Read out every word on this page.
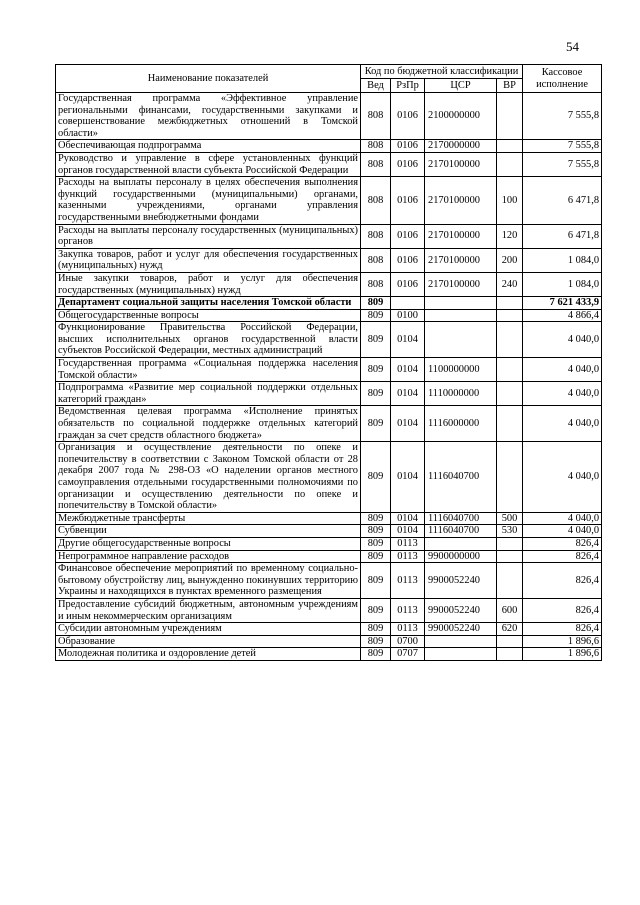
54
Наименование показателей	Код по бюджетной классификации				Кассовое исполнение
	Вед	РзПр	ЦСР	ВР	
Государственная программа «Эффективное управление региональными финансами, государственными закупками и совершенствование межбюджетных отношений в Томской области»	808	0106	2100000000		7 555,8
Обеспечивающая подпрограмма	808	0106	2170000000		7 555,8
Руководство и управление в сфере установленных функций органов государственной власти субъекта Российской Федерации	808	0106	2170100000		7 555,8
Расходы на выплаты персоналу в целях обеспечения выполнения функций государственными (муниципальными) органами, казенными учреждениями, органами управления государственными внебюджетными фондами	808	0106	2170100000	100	6 471,8
Расходы на выплаты персоналу государственных (муниципальных) органов	808	0106	2170100000	120	6 471,8
Закупка товаров, работ и услуг для обеспечения государственных (муниципальных) нужд	808	0106	2170100000	200	1 084,0
Иные закупки товаров, работ и услуг для обеспечения государственных (муниципальных) нужд	808	0106	2170100000	240	1 084,0
Департамент социальной защиты населения Томской области	809				7 621 433,9
Общегосударственные вопросы	809	0100			4 866,4
Функционирование Правительства Российской Федерации, высших исполнительных органов государственной власти субъектов Российской Федерации, местных администраций	809	0104			4 040,0
Государственная программа «Социальная поддержка населения Томской области»	809	0104	1100000000		4 040,0
Подпрограмма «Развитие мер социальной поддержки отдельных категорий граждан»	809	0104	1110000000		4 040,0
Ведомственная целевая программа «Исполнение принятых обязательств по социальной поддержке отдельных категорий граждан за счет средств областного бюджета»	809	0104	1116000000		4 040,0
Организация и осуществление деятельности по опеке и попечительству в соответствии с Законом Томской области от 28 декабря 2007 года № 298-ОЗ «О наделении органов местного самоуправления отдельными государственными полномочиями по организации и осуществлению деятельности по опеке и попечительству в Томской области»	809	0104	1116040700		4 040,0
Межбюджетные трансферты	809	0104	1116040700	500	4 040,0
Субвенции	809	0104	1116040700	530	4 040,0
Другие общегосударственные вопросы	809	0113			826,4
Непрограммное направление расходов	809	0113	9900000000		826,4
Финансовое обеспечение мероприятий по временному социально-бытовому обустройству лиц, вынужденно покинувших территорию Украины и находящихся в пунктах временного размещения	809	0113	9900052240		826,4
Предоставление субсидий бюджетным, автономным учреждениям и иным некоммерческим организациям	809	0113	9900052240	600	826,4
Субсидии автономным учреждениям	809	0113	9900052240	620	826,4
Образование	809	0700			1 896,6
Молодежная политика и оздоровление детей	809	0707			1 896,6
